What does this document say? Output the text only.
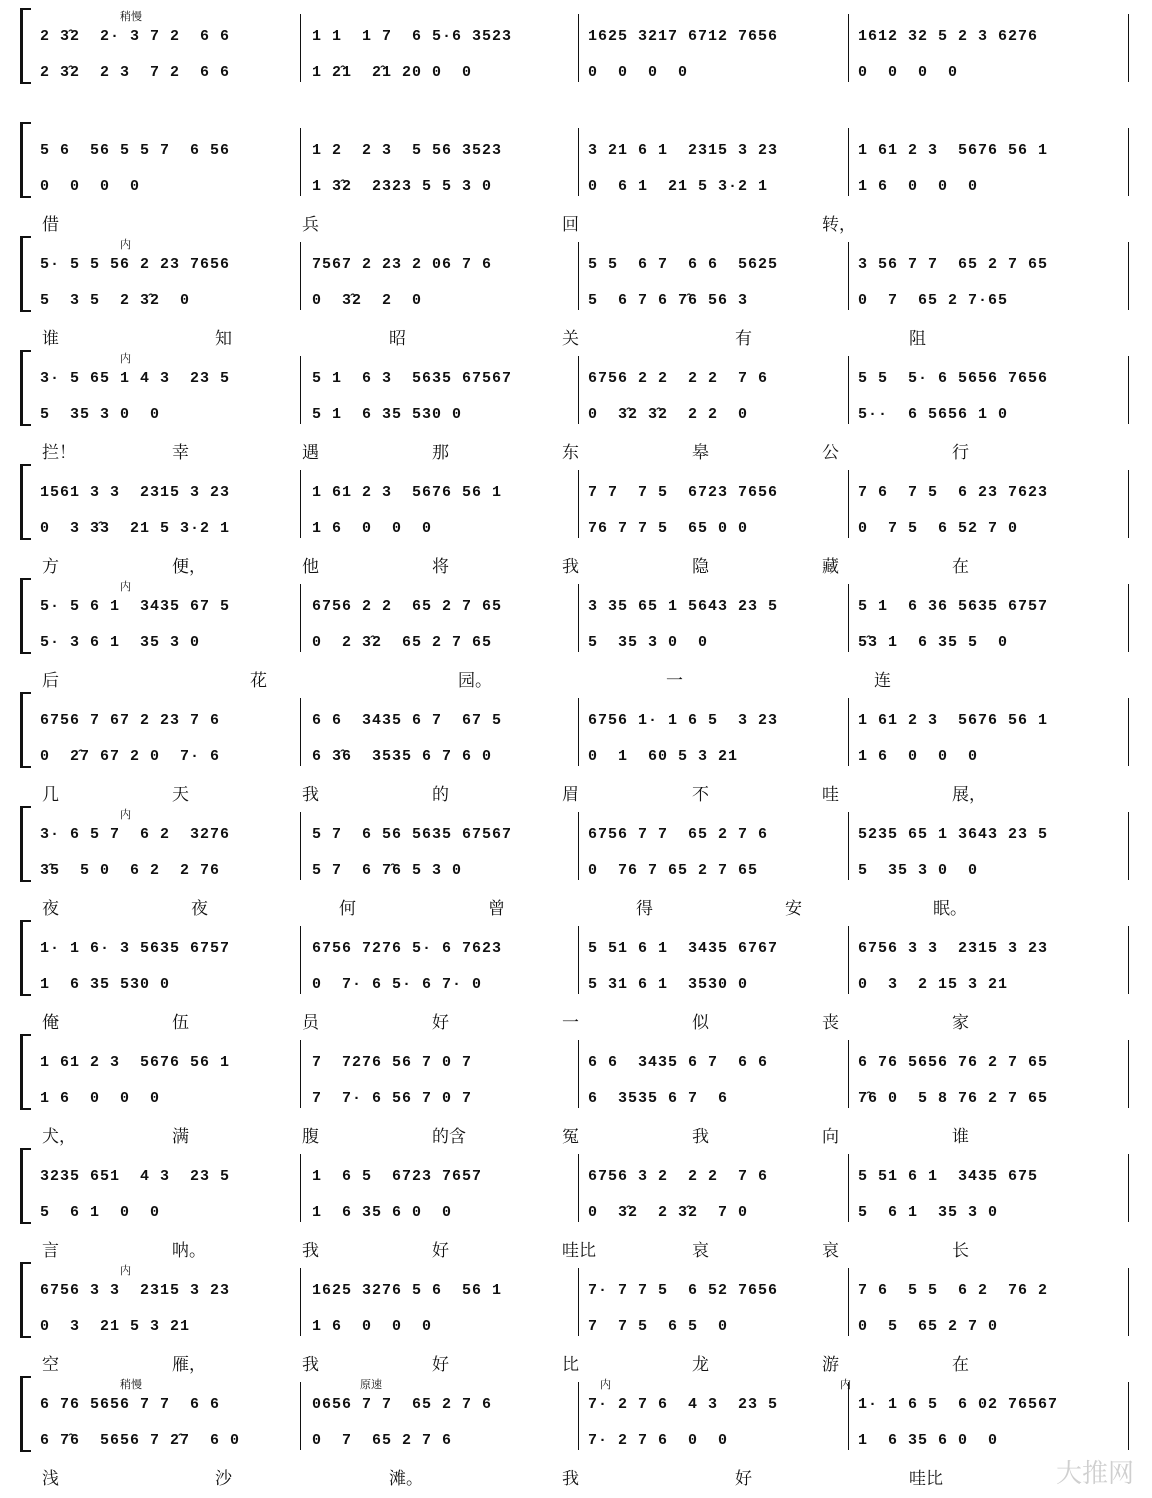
2 3̂2  2· 3 7 2  6 6	1 1  1 7  6 5·6 3523	1625 3217 6712 7656	1612 32 5 2 3 6276
2 3̂2  2 3  7 2  6 6	1 2̂1  2̂1 20 0  0	0  0  0  0	0  0  0  0
稍慢
5 6  56 5 5 7  6 56	1 2  2 3  5 56 3523	3 21 6 1  2315 3 23	1 61 2 3  5676 56 1
0  0  0  0	1 3̂2  2323 5 5 3 0	0  6 1  21 5 3·2 1	1 6  0  0  0
借	兵	回	转，
5· 5 5 56 2 23 7656	7567 2 23 2 06 7 6	5 5  6 7  6 6  5625	3 56 7 7  65 2 7 65
5  3 5  2 3̂2  0	0  3̂2  2  0	5  6 7 6 7̂6 56 3	0  7  65 2 7·65
谁	知	昭	关	有	阻
内
3· 5 65 1 4 3  23 5	5 1  6 3  5635 67567	6756 2 2  2 2  7 6	5 5  5· 6 5656 7656
5  35 3 0  0	5 1  6 35 530 0	0  3̂2 3̂2  2 2  0	5··  6 5656 1 0
拦！	幸	遇	那	东	皋	公	行
内
1561 3 3  2315 3 23	1 61 2 3  5676 56 1	7 7  7 5  6723 7656	7 6  7 5  6 23 7623
0  3 3̂3  21 5 3·2 1	1 6  0  0  0	76 7 7 5  65 0 0	0  7 5  6 52 7 0
方	便，	他	将	我	隐	藏	在
5· 5 6 1  3435 67 5	6756 2 2  65 2 7 65	3 35 65 1 5643 23 5	5 1  6 36 5635 6757
5· 3 6 1  35 3 0	0  2 3̂2  65 2 7 65	5  35 3 0  0	5̂3 1  6 35 5  0
后	花	园。	一	连
内
6756 7 67 2 23 7 6	6 6  3435 6 7  67 5	6756 1· 1 6 5  3 23	1 61 2 3  5676 56 1
0  2̂7 67 2 0  7· 6	6 3̂6  3535 6 7 6 0	0  1  60 5 3 21	1 6  0  0  0
几	天	我	的	眉	不	哇	展，
3· 6 5 7  6 2  3276	5 7  6 56 5635 67567	6756 7 7  65 2 7 6	5235 65 1 3643 23 5
3̂5  5 0  6 2  2 76	5 7  6 7̂6 5 3 0	0  76 7 65 2 7 65	5  35 3 0  0
夜	夜	何	曾	得	安	眠。
内
1· 1 6· 3 5635 6757	6756 7276 5· 6 7623	5 51 6 1  3435 6767	6756 3 3  2315 3 23
1  6 35 530 0	0  7· 6 5· 6 7· 0	5 31 6 1  3530 0	0  3  2 15 3 21
俺	伍	员	好	一	似	丧	家
1 61 2 3  5676 56 1	7  7276 56 7 0 7	6 6  3435 6 7  6 6	6 76 5656 76 2 7 65
1 6  0  0  0	7  7· 6 56 7 0 7	6  3535 6 7  6	7̂6 0  5 8 76 2 7 65
犬，	满	腹	的含	冤	我	向	谁
3235 651  4 3  23 5	1  6 5  6723 7657	6756 3 2  2 2  7 6	5 51 6 1  3435 675
5  6 1  0  0	1  6 35 6 0  0	0  3̂2  2 3̂2  7 0	5  6 1  35 3 0
言	呐。	我	好	哇比	哀	哀	长
6756 3 3  2315 3 23	1625 3276 5 6  56 1	7· 7 7 5  6 52 7656	7 6  5 5  6 2  76 2
0  3  21 5 3 21	1 6  0  0  0	7  7 5  6 5  0	0  5  65 2 7 0
空	雁，	我	好	比	龙	游	在
内
6 76 5656 7 7  6 6	0656 7 7  65 2 7 6	7· 2 7 6  4 3  23 5	1· 1 6 5  6 02 76567
6 7̂6  5656 7 2̂7  6 0	0  7  65 2 7 6	7· 2 7 6  0  0	1  6 35 6 0  0
浅	沙	滩。	我	好	哇比
稍慢	原速	内	内
大推网
